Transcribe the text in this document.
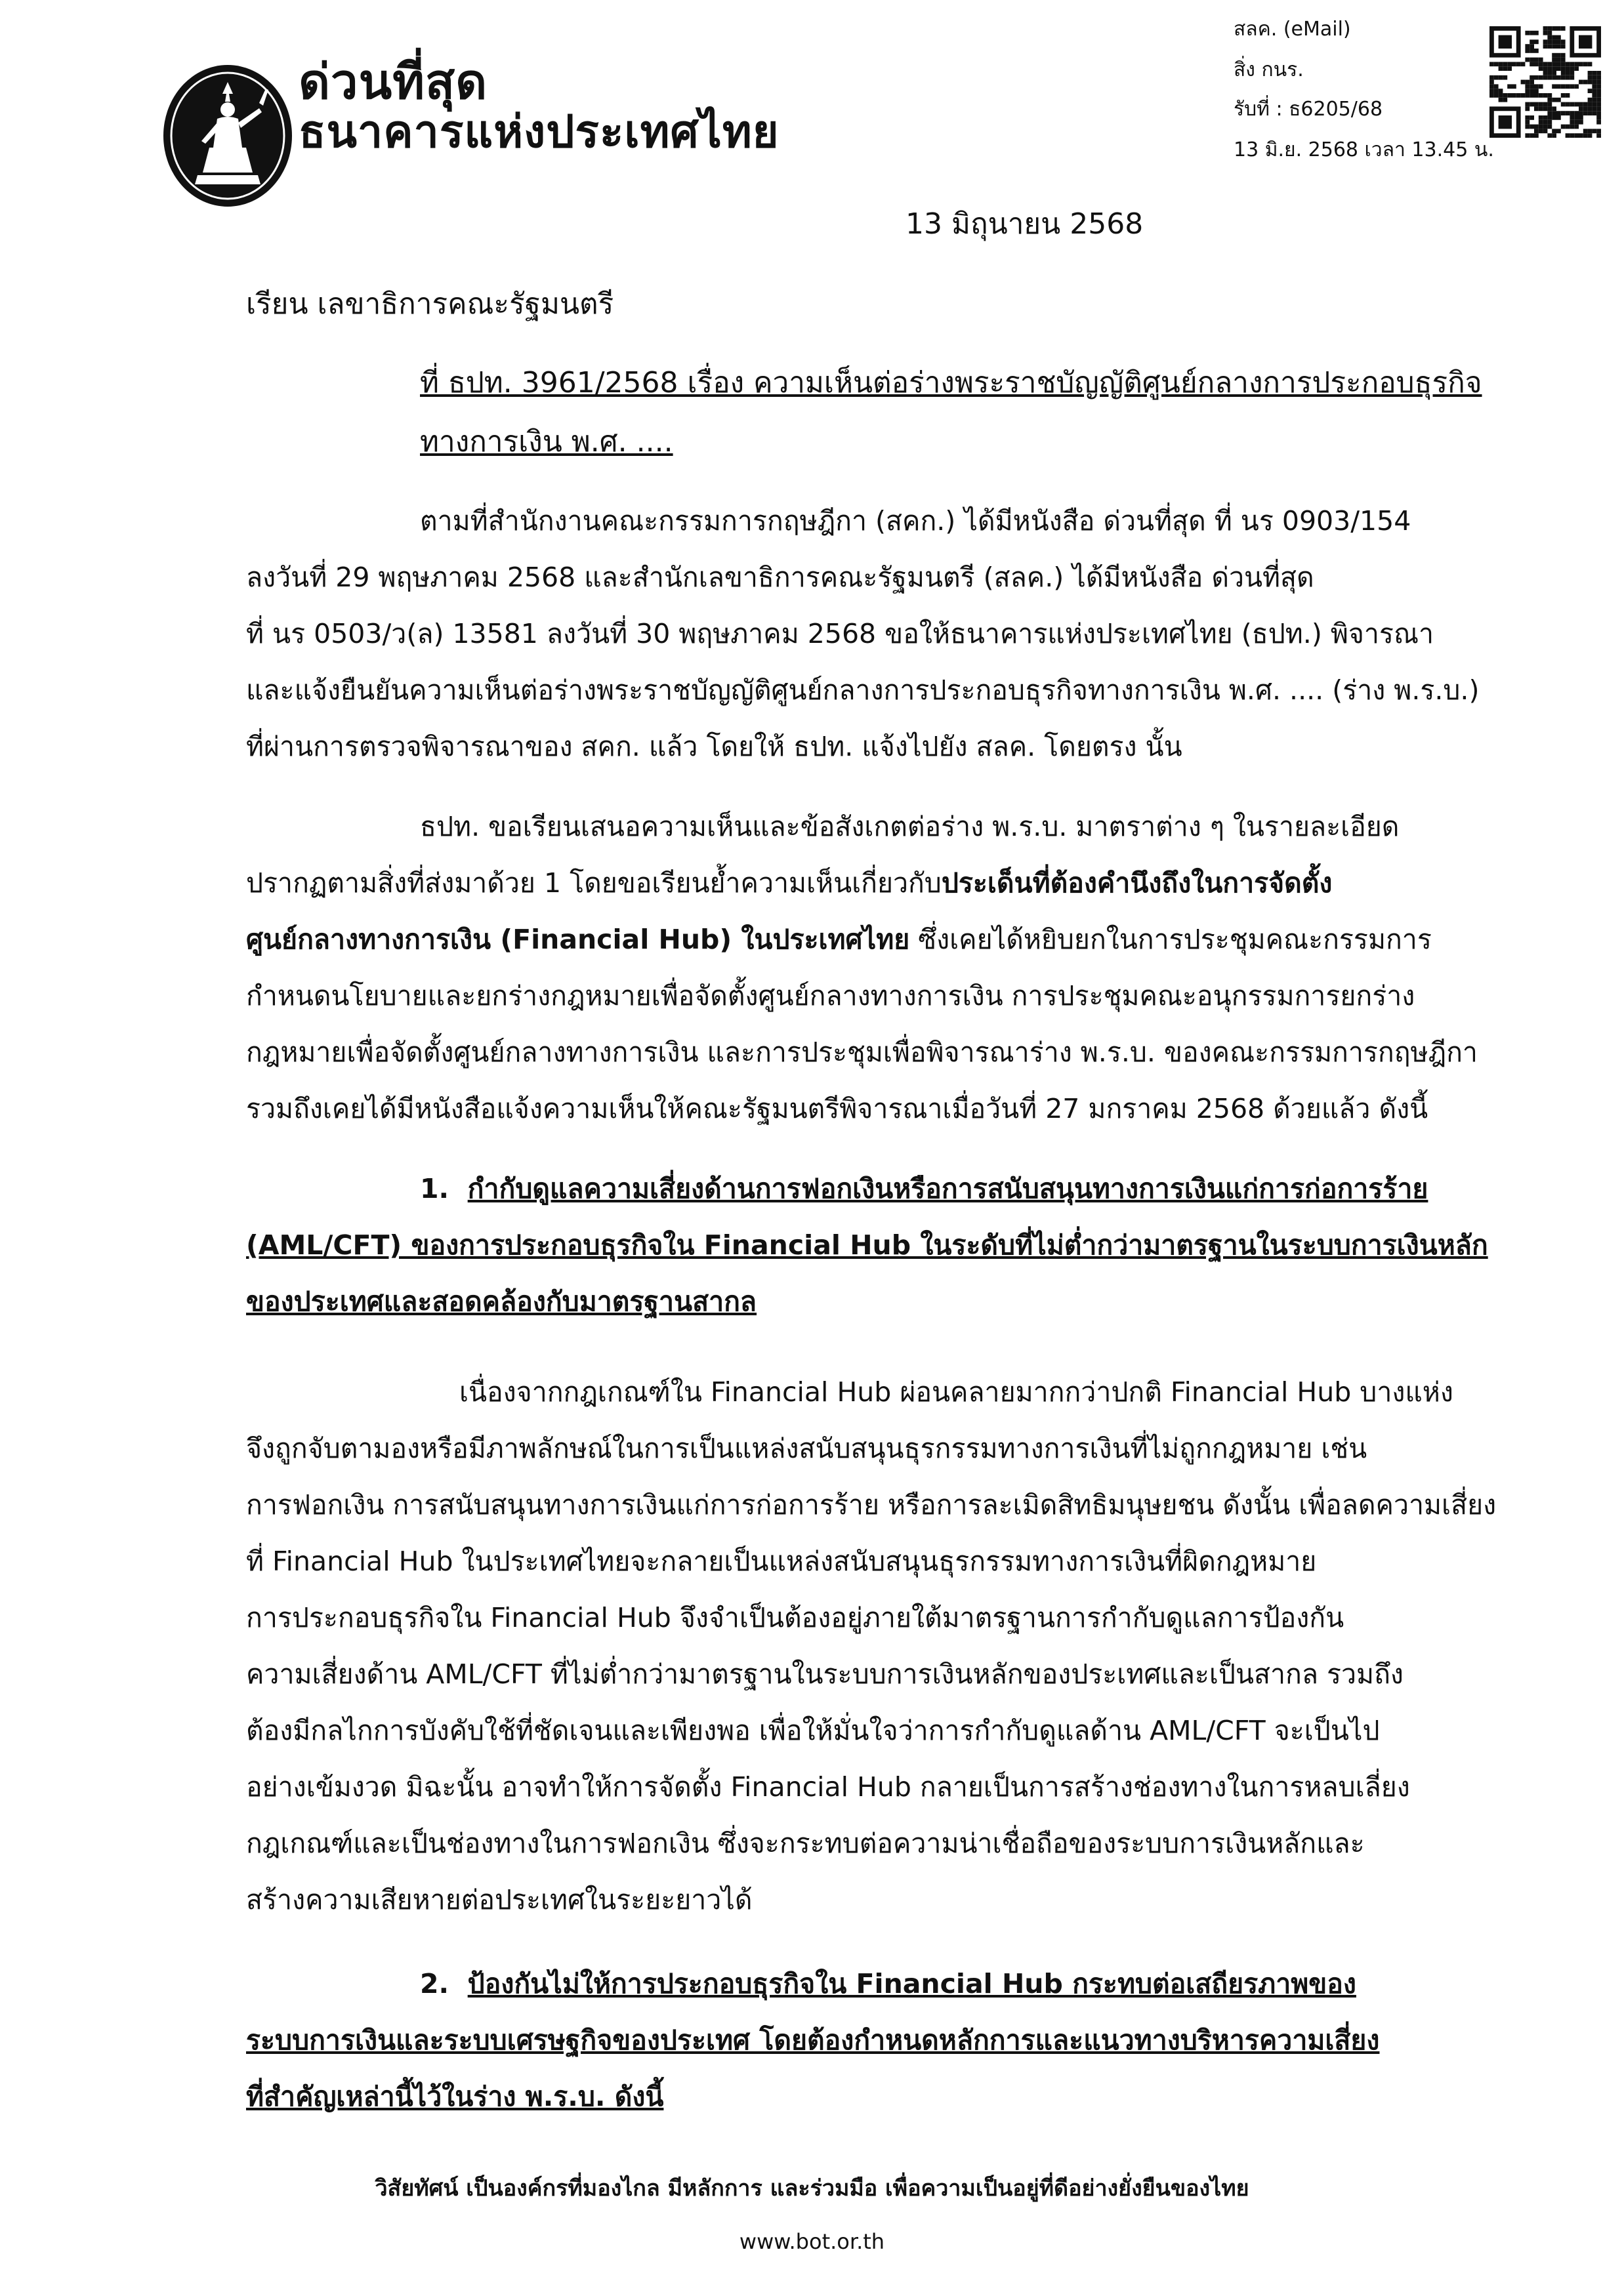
ด่วนที่สุด
ธนาคารแห่งประเทศไทย
สลค. (eMail)
สิ่ง กนร.
รับที่ : ธ6205/68
13 มิ.ย. 2568 เวลา 13.45 น.
13 มิถุนายน 2568
เรียน เลขาธิการคณะรัฐมนตรี
ที่ ธปท. 3961/2568 เรื่อง ความเห็นต่อร่างพระราชบัญญัติศูนย์กลางการประกอบธุรกิจ
ทางการเงิน พ.ศ. ....
ตามที่สำนักงานคณะกรรมการกฤษฎีกา (สคก.) ได้มีหนังสือ ด่วนที่สุด ที่ นร 0903/154
ลงวันที่ 29 พฤษภาคม 2568 และสำนักเลขาธิการคณะรัฐมนตรี (สลค.) ได้มีหนังสือ ด่วนที่สุด
ที่ นร 0503/ว(ล) 13581 ลงวันที่ 30 พฤษภาคม 2568 ขอให้ธนาคารแห่งประเทศไทย (ธปท.) พิจารณา
และแจ้งยืนยันความเห็นต่อร่างพระราชบัญญัติศูนย์กลางการประกอบธุรกิจทางการเงิน พ.ศ. .... (ร่าง พ.ร.บ.)
ที่ผ่านการตรวจพิจารณาของ สคก. แล้ว โดยให้ ธปท. แจ้งไปยัง สลค. โดยตรง นั้น
ธปท. ขอเรียนเสนอความเห็นและข้อสังเกตต่อร่าง พ.ร.บ. มาตราต่าง ๆ ในรายละเอียด
ปรากฏตามสิ่งที่ส่งมาด้วย 1 โดยขอเรียนย้ำความเห็นเกี่ยวกับประเด็นที่ต้องคำนึงถึงในการจัดตั้ง
ศูนย์กลางทางการเงิน (Financial Hub) ในประเทศไทย ซึ่งเคยได้หยิบยกในการประชุมคณะกรรมการ
กำหนดนโยบายและยกร่างกฎหมายเพื่อจัดตั้งศูนย์กลางทางการเงิน การประชุมคณะอนุกรรมการยกร่าง
กฎหมายเพื่อจัดตั้งศูนย์กลางทางการเงิน และการประชุมเพื่อพิจารณาร่าง พ.ร.บ. ของคณะกรรมการกฤษฎีกา
รวมถึงเคยได้มีหนังสือแจ้งความเห็นให้คณะรัฐมนตรีพิจารณาเมื่อวันที่ 27 มกราคม 2568 ด้วยแล้ว ดังนี้
1. กำกับดูแลความเสี่ยงด้านการฟอกเงินหรือการสนับสนุนทางการเงินแก่การก่อการร้าย
(AML/CFT) ของการประกอบธุรกิจใน Financial Hub ในระดับที่ไม่ต่ำกว่ามาตรฐานในระบบการเงินหลัก
ของประเทศและสอดคล้องกับมาตรฐานสากล
เนื่องจากกฎเกณฑ์ใน Financial Hub ผ่อนคลายมากกว่าปกติ Financial Hub บางแห่ง
จึงถูกจับตามองหรือมีภาพลักษณ์ในการเป็นแหล่งสนับสนุนธุรกรรมทางการเงินที่ไม่ถูกกฎหมาย เช่น
การฟอกเงิน การสนับสนุนทางการเงินแก่การก่อการร้าย หรือการละเมิดสิทธิมนุษยชน ดังนั้น เพื่อลดความเสี่ยง
ที่ Financial Hub ในประเทศไทยจะกลายเป็นแหล่งสนับสนุนธุรกรรมทางการเงินที่ผิดกฎหมาย
การประกอบธุรกิจใน Financial Hub จึงจำเป็นต้องอยู่ภายใต้มาตรฐานการกำกับดูแลการป้องกัน
ความเสี่ยงด้าน AML/CFT ที่ไม่ต่ำกว่ามาตรฐานในระบบการเงินหลักของประเทศและเป็นสากล รวมถึง
ต้องมีกลไกการบังคับใช้ที่ชัดเจนและเพียงพอ เพื่อให้มั่นใจว่าการกำกับดูแลด้าน AML/CFT จะเป็นไป
อย่างเข้มงวด มิฉะนั้น อาจทำให้การจัดตั้ง Financial Hub กลายเป็นการสร้างช่องทางในการหลบเลี่ยง
กฎเกณฑ์และเป็นช่องทางในการฟอกเงิน ซึ่งจะกระทบต่อความน่าเชื่อถือของระบบการเงินหลักและ
สร้างความเสียหายต่อประเทศในระยะยาวได้
2. ป้องกันไม่ให้การประกอบธุรกิจใน Financial Hub กระทบต่อเสถียรภาพของ
ระบบการเงินและระบบเศรษฐกิจของประเทศ โดยต้องกำหนดหลักการและแนวทางบริหารความเสี่ยง
ที่สำคัญเหล่านี้ไว้ในร่าง พ.ร.บ. ดังนี้
วิสัยทัศน์ เป็นองค์กรที่มองไกล มีหลักการ และร่วมมือ เพื่อความเป็นอยู่ที่ดีอย่างยั่งยืนของไทย
www.bot.or.th
